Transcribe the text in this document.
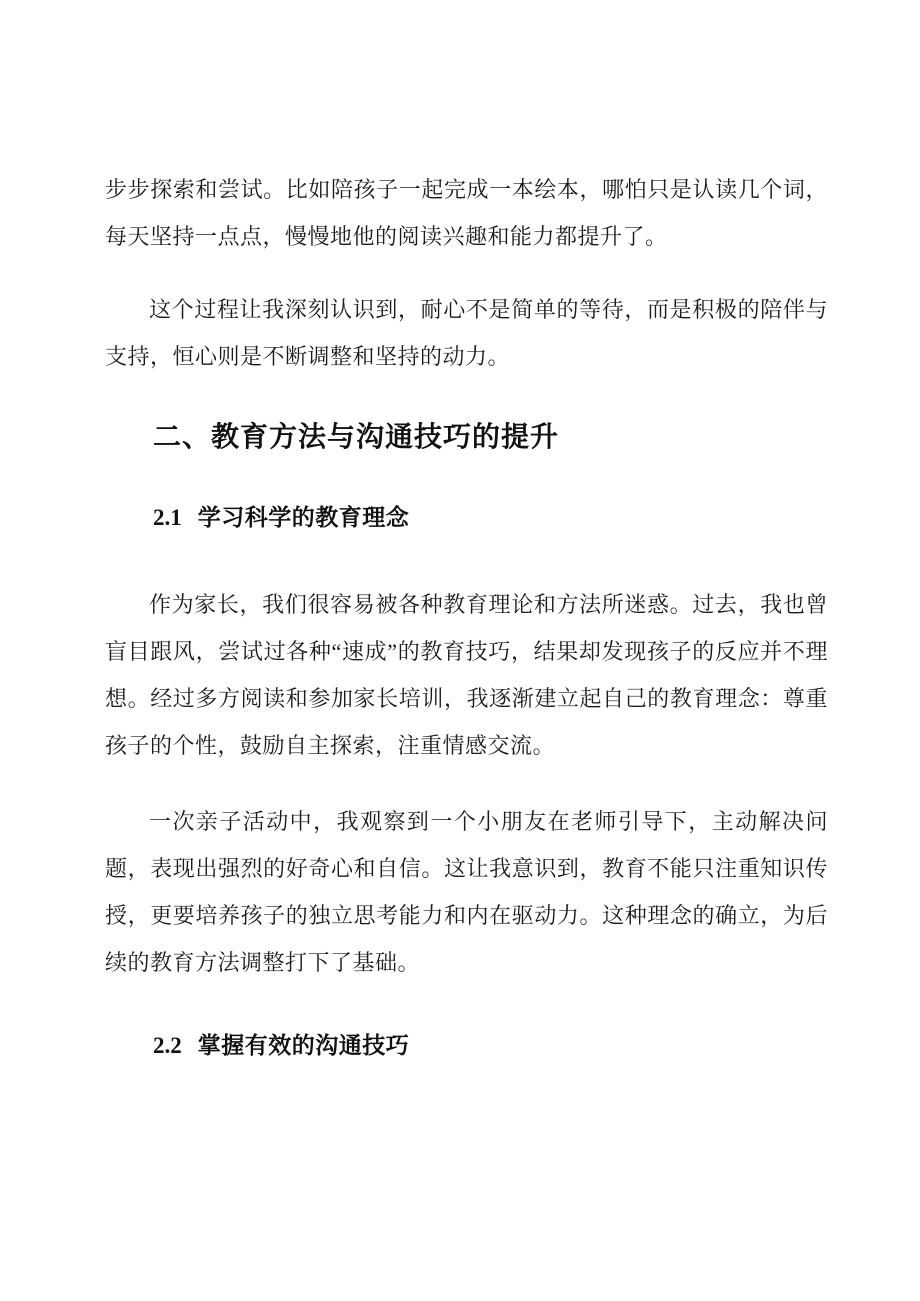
步步探索和尝试。比如陪孩子一起完成一本绘本，哪怕只是认读几个词，每天坚持一点点，慢慢地他的阅读兴趣和能力都提升了。

这个过程让我深刻认识到，耐心不是简单的等待，而是积极的陪伴与支持，恒心则是不断调整和坚持的动力。

二、教育方法与沟通技巧的提升
2.1 学习科学的教育理念

作为家长，我们很容易被各种教育理论和方法所迷惑。过去，我也曾盲目跟风，尝试过各种“速成”的教育技巧，结果却发现孩子的反应并不理想。经过多方阅读和参加家长培训，我逐渐建立起自己的教育理念：尊重孩子的个性，鼓励自主探索，注重情感交流。

一次亲子活动中，我观察到一个小朋友在老师引导下，主动解决问题，表现出强烈的好奇心和自信。这让我意识到，教育不能只注重知识传授，更要培养孩子的独立思考能力和内在驱动力。这种理念的确立，为后续的教育方法调整打下了基础。

2.2 掌握有效的沟通技巧
